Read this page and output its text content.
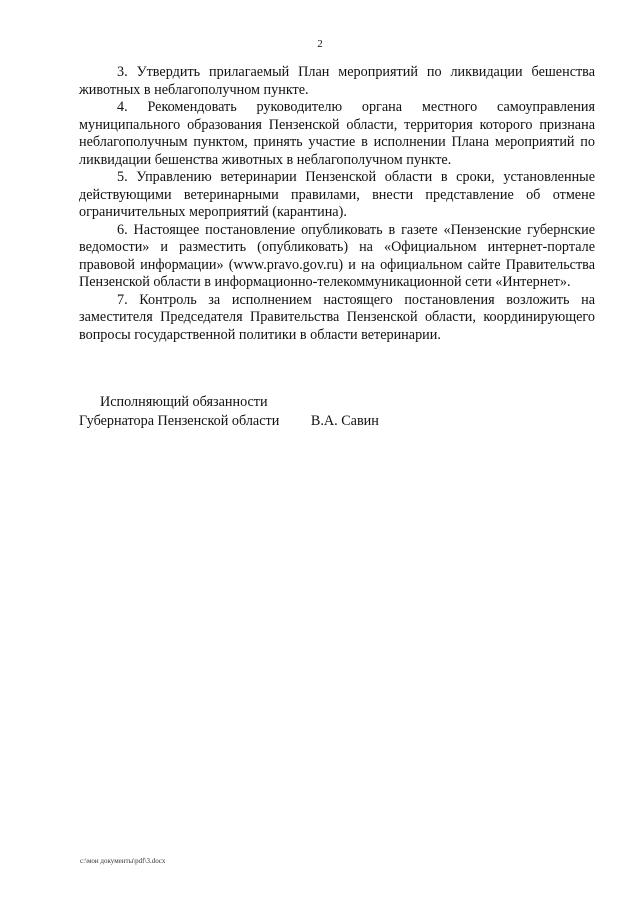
2

3. Утвердить прилагаемый План мероприятий по ликвидации бешенства животных в неблагополучном пункте.

4. Рекомендовать руководителю органа местного самоуправления муниципального образования Пензенской области, территория которого признана неблагополучным пунктом, принять участие в исполнении Плана мероприятий по ликвидации бешенства животных в неблагополучном пункте.

5. Управлению ветеринарии Пензенской области в сроки, установленные действующими ветеринарными правилами, внести представление об отмене ограничительных мероприятий (карантина).

6. Настоящее постановление опубликовать в газете «Пензенские губернские ведомости» и разместить (опубликовать) на «Официальном интернет-портале правовой информации» (www.pravo.gov.ru) и на официальном сайте Правительства Пензенской области в информационно-телекоммуникационной сети «Интернет».

7. Контроль за исполнением настоящего постановления возложить на заместителя Председателя Правительства Пензенской области, координирующего вопросы государственной политики в области ветеринарии.

Исполняющий обязанности
Губернатора Пензенской области В.А. Савин
c:\мои документы\pdf\3.docx
